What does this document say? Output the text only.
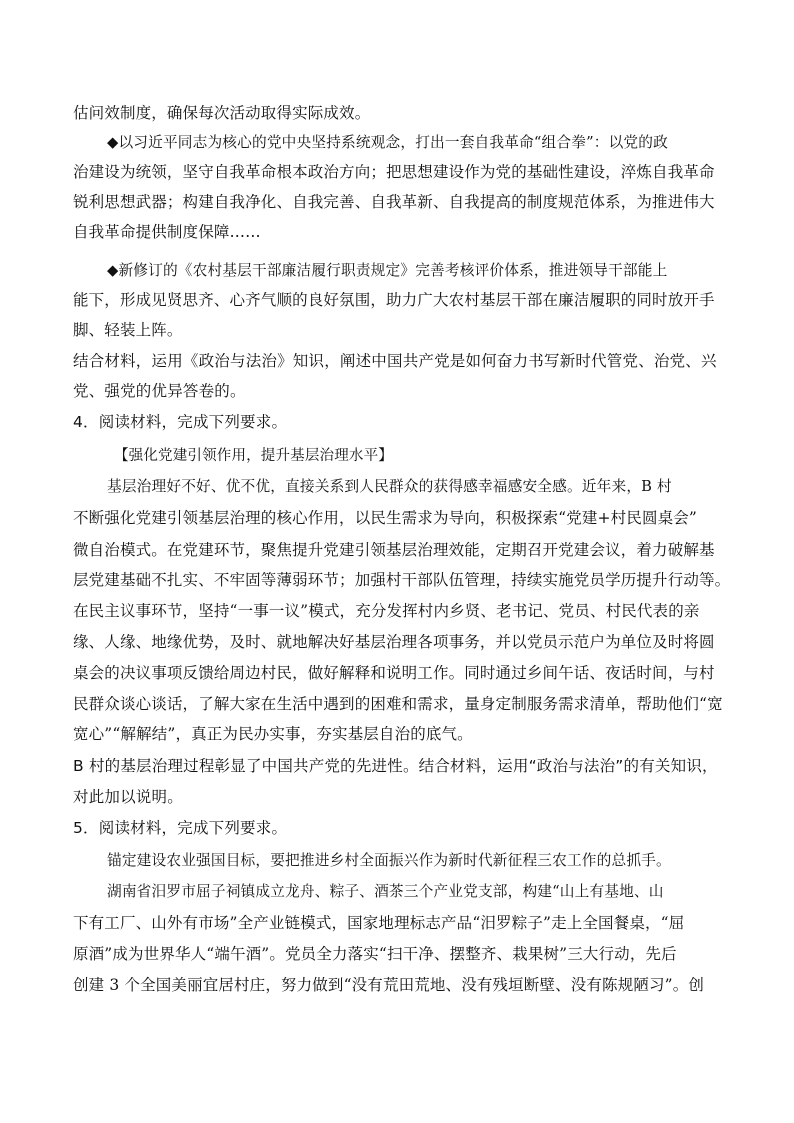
估问效制度，确保每次活动取得实际成效。
◆以习近平同志为核心的党中央坚持系统观念，打出一套自我革命“组合拳”：以党的政
治建设为统领，坚守自我革命根本政治方向；把思想建设作为党的基础性建设，淬炼自我革命
锐利思想武器；构建自我净化、自我完善、自我革新、自我提高的制度规范体系，为推进伟大
自我革命提供制度保障……
◆新修订的《农村基层干部廉洁履行职责规定》完善考核评价体系，推进领导干部能上
能下，形成见贤思齐、心齐气顺的良好氛围，助力广大农村基层干部在廉洁履职的同时放开手
脚、轻装上阵。
结合材料，运用《政治与法治》知识，阐述中国共产党是如何奋力书写新时代管党、治党、兴
党、强党的优异答卷的。
4．阅读材料，完成下列要求。
【强化党建引领作用，提升基层治理水平】
基层治理好不好、优不优，直接关系到人民群众的获得感幸福感安全感。近年来，B 村
不断强化党建引领基层治理的核心作用，以民生需求为导向，积极探索“党建+村民圆桌会”
微自治模式。在党建环节，聚焦提升党建引领基层治理效能，定期召开党建会议，着力破解基
层党建基础不扎实、不牢固等薄弱环节；加强村干部队伍管理，持续实施党员学历提升行动等。
在民主议事环节，坚持“一事一议”模式，充分发挥村内乡贤、老书记、党员、村民代表的亲
缘、人缘、地缘优势，及时、就地解决好基层治理各项事务，并以党员示范户为单位及时将圆
桌会的决议事项反馈给周边村民，做好解释和说明工作。同时通过乡间午话、夜话时间，与村
民群众谈心谈话，了解大家在生活中遇到的困难和需求，量身定制服务需求清单，帮助他们“宽
宽心”“解解结”，真正为民办实事，夯实基层自治的底气。
B 村的基层治理过程彰显了中国共产党的先进性。结合材料，运用“政治与法治”的有关知识，
对此加以说明。
5．阅读材料，完成下列要求。
锚定建设农业强国目标，要把推进乡村全面振兴作为新时代新征程三农工作的总抓手。
湖南省汨罗市屈子祠镇成立龙舟、粽子、酒茶三个产业党支部，构建“山上有基地、山
下有工厂、山外有市场”全产业链模式，国家地理标志产品“汨罗粽子”走上全国餐桌，“屈
原酒”成为世界华人“端午酒”。党员全力落实“扫干净、摆整齐、栽果树”三大行动，先后
创建 3 个全国美丽宜居村庄，努力做到“没有荒田荒地、没有残垣断壁、没有陈规陋习”。创
